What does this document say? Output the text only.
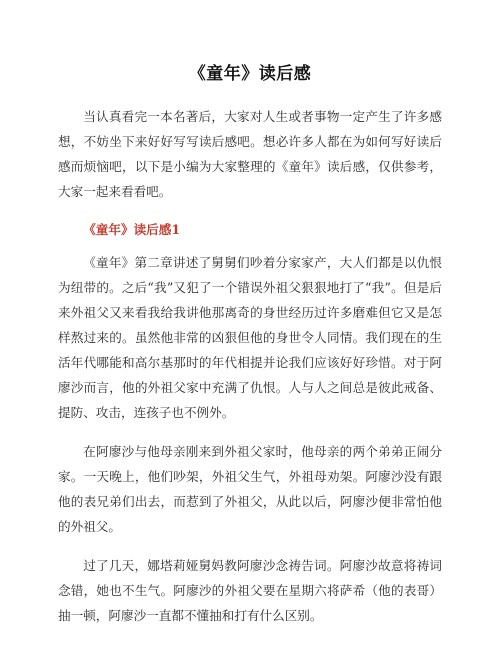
《童年》读后感

当认真看完一本名著后，大家对人生或者事物一定产生了许多感想，不妨坐下来好好写写读后感吧。想必许多人都在为如何写好读后感而烦恼吧，以下是小编为大家整理的《童年》读后感，仅供参考，大家一起来看看吧。

《童年》读后感1

《童年》第二章讲述了舅舅们吵着分家家产，大人们都是以仇恨为纽带的。之后“我”又犯了一个错误外祖父狠狠地打了“我”。但是后来外祖父又来看我给我讲他那离奇的身世经历过许多磨难但它又是怎样熬过来的。虽然他非常的凶狠但他的身世令人同情。我们现在的生活年代哪能和高尔基那时的年代相提并论我们应该好好珍惜。对于阿廖沙而言，他的外祖父家中充满了仇恨。人与人之间总是彼此戒备、提防、攻击，连孩子也不例外。

在阿廖沙与他母亲刚来到外祖父家时，他母亲的两个弟弟正闹分家。一天晚上，他们吵架，外祖父生气，外祖母劝架。阿廖沙没有跟他的表兄弟们出去，而惹到了外祖父，从此以后，阿廖沙便非常怕他的外祖父。

过了几天，娜塔莉娅舅妈教阿廖沙念祷告词。阿廖沙故意将祷词念错，她也不生气。阿廖沙的外祖父要在星期六将萨希（他的表哥）抽一顿，阿廖沙一直都不懂抽和打有什么区别。
